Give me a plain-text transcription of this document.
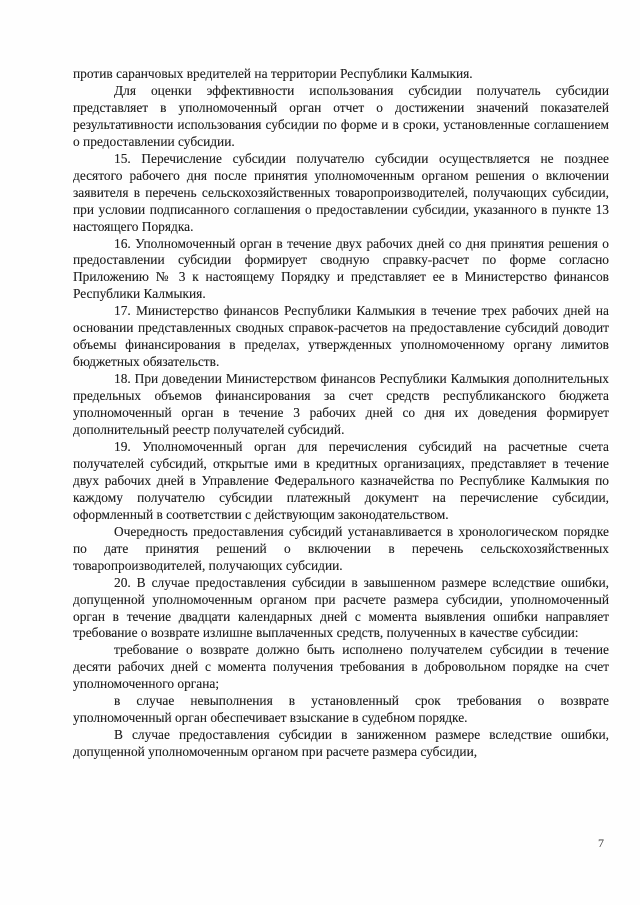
против саранчовых вредителей на территории Республики Калмыкия.

Для оценки эффективности использования субсидии получатель субсидии представляет в уполномоченный орган отчет о достижении значений показателей результативности использования субсидии по форме и в сроки, установленные соглашением о предоставлении субсидии.

15. Перечисление субсидии получателю субсидии осуществляется не позднее десятого рабочего дня после принятия уполномоченным органом решения о включении заявителя в перечень сельскохозяйственных товаропроизводителей, получающих субсидии, при условии подписанного соглашения о предоставлении субсидии, указанного в пункте 13 настоящего Порядка.

16. Уполномоченный орган в течение двух рабочих дней со дня принятия решения о предоставлении субсидии формирует сводную справку-расчет по форме согласно Приложению № 3 к настоящему Порядку и представляет ее в Министерство финансов Республики Калмыкия.

17. Министерство финансов Республики Калмыкия в течение трех рабочих дней на основании представленных сводных справок-расчетов на предоставление субсидий доводит объемы финансирования в пределах, утвержденных уполномоченному органу лимитов бюджетных обязательств.

18. При доведении Министерством финансов Республики Калмыкия дополнительных предельных объемов финансирования за счет средств республиканского бюджета уполномоченный орган в течение 3 рабочих дней со дня их доведения формирует дополнительный реестр получателей субсидий.

19. Уполномоченный орган для перечисления субсидий на расчетные счета получателей субсидий, открытые ими в кредитных организациях, представляет в течение двух рабочих дней в Управление Федерального казначейства по Республике Калмыкия по каждому получателю субсидии платежный документ на перечисление субсидии, оформленный в соответствии с действующим законодательством.

Очередность предоставления субсидий устанавливается в хронологическом порядке по дате принятия решений о включении в перечень сельскохозяйственных товаропроизводителей, получающих субсидии.

20. В случае предоставления субсидии в завышенном размере вследствие ошибки, допущенной уполномоченным органом при расчете размера субсидии, уполномоченный орган в течение двадцати календарных дней с момента выявления ошибки направляет требование о возврате излишне выплаченных средств, полученных в качестве субсидии:

требование о возврате должно быть исполнено получателем субсидии в течение десяти рабочих дней с момента получения требования в добровольном порядке на счет уполномоченного органа;

в случае невыполнения в установленный срок требования о возврате уполномоченный орган обеспечивает взыскание в судебном порядке.

В случае предоставления субсидии в заниженном размере вследствие ошибки, допущенной уполномоченным органом при расчете размера субсидии,

7
